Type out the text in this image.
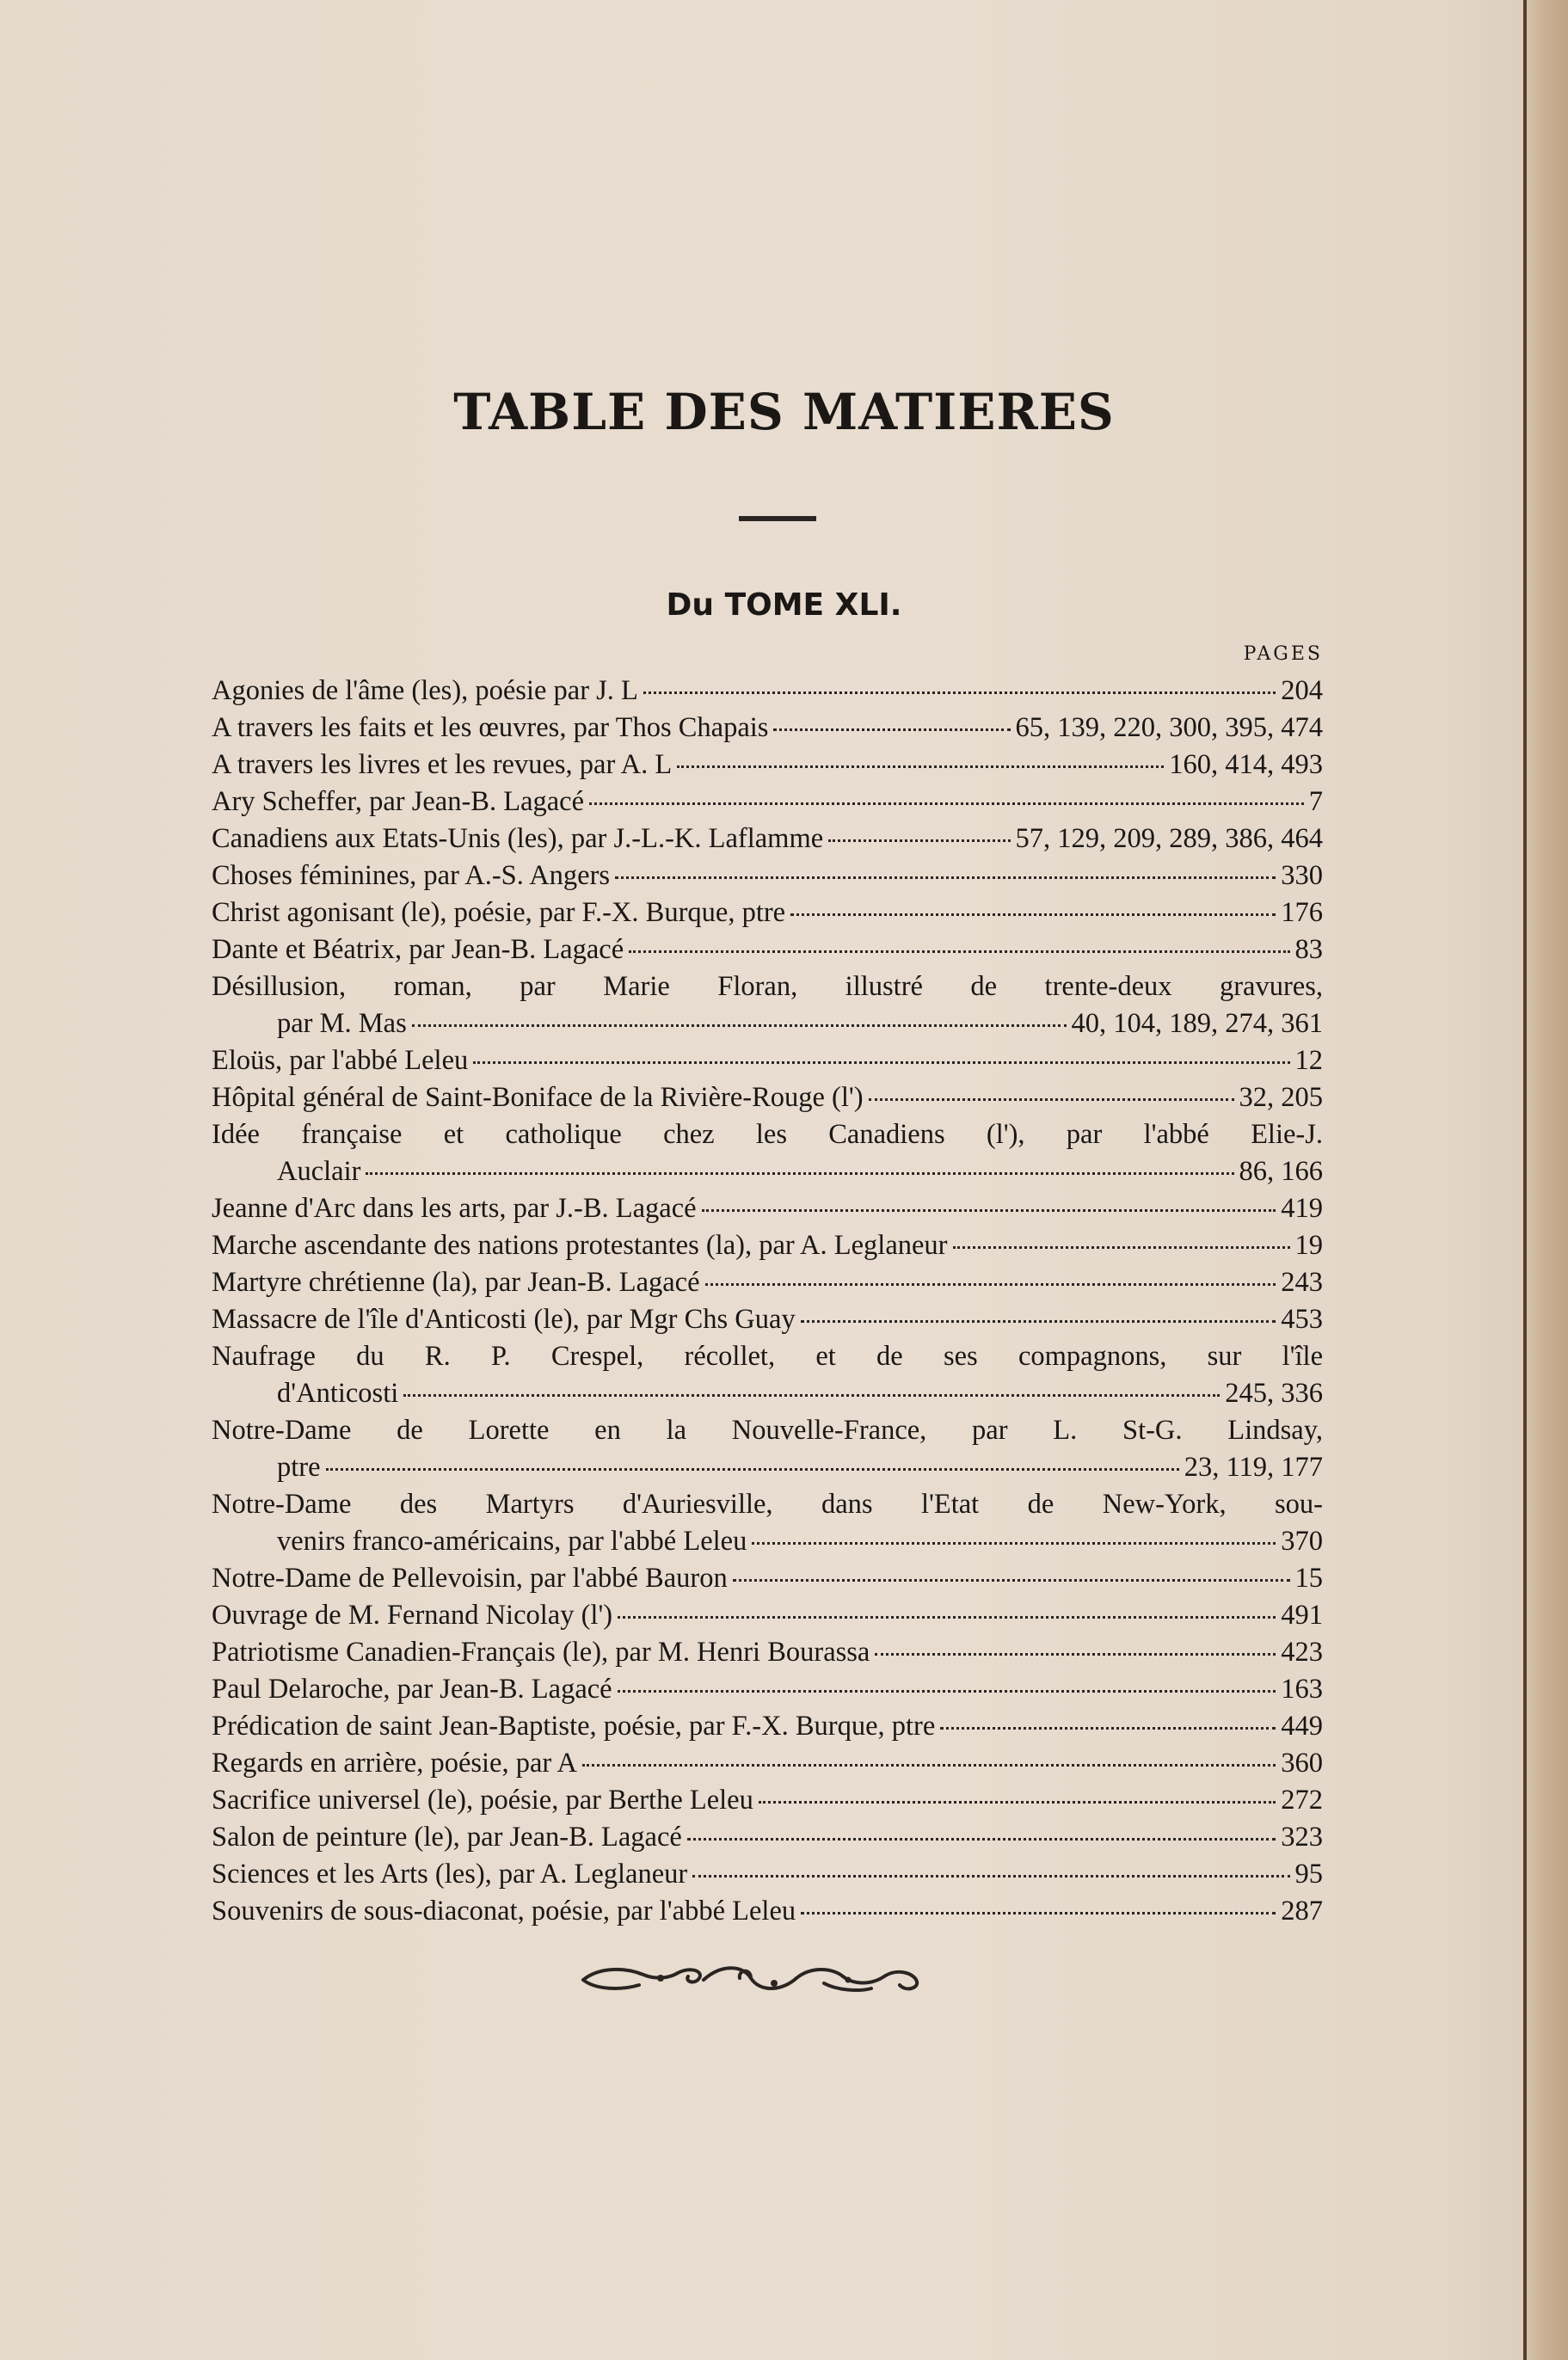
TABLE DES MATIERES
Du TOME XLI.
PAGES
Agonies de l'âme (les), poésie par J. L	204
A travers les faits et les œuvres, par Thos Chapais	65, 139, 220, 300, 395, 474
A travers les livres et les revues, par A. L	160, 414, 493
Ary Scheffer, par Jean-B. Lagacé	7
Canadiens aux Etats-Unis (les), par J.-L.-K. Laflamme	57, 129, 209, 289, 386, 464
Choses féminines, par A.-S. Angers	330
Christ agonisant (le), poésie, par F.-X. Burque, ptre	176
Dante et Béatrix, par Jean-B. Lagacé	83
Désillusion, roman, par Marie Floran, illustré de trente-deux gravures,
par M. Mas	40, 104, 189, 274, 361
Eloüs, par l'abbé Leleu	12
Hôpital général de Saint-Boniface de la Rivière-Rouge (l')	32, 205
Idée française et catholique chez les Canadiens (l'), par l'abbé Elie-J.
Auclair	86, 166
Jeanne d'Arc dans les arts, par J.-B. Lagacé	419
Marche ascendante des nations protestantes (la), par A. Leglaneur	19
Martyre chrétienne (la), par Jean-B. Lagacé	243
Massacre de l'île d'Anticosti (le), par Mgr Chs Guay	453
Naufrage du R. P. Crespel, récollet, et de ses compagnons, sur l'île
d'Anticosti	245, 336
Notre-Dame de Lorette en la Nouvelle-France, par L. St-G. Lindsay,
ptre	23, 119, 177
Notre-Dame des Martyrs d'Auriesville, dans l'Etat de New-York, sou-
venirs franco-américains, par l'abbé Leleu	370
Notre-Dame de Pellevoisin, par l'abbé Bauron	15
Ouvrage de M. Fernand Nicolay (l')	491
Patriotisme Canadien-Français (le), par M. Henri Bourassa	423
Paul Delaroche, par Jean-B. Lagacé	163
Prédication de saint Jean-Baptiste, poésie, par F.-X. Burque, ptre	449
Regards en arrière, poésie, par A	360
Sacrifice universel (le), poésie, par Berthe Leleu	272
Salon de peinture (le), par Jean-B. Lagacé	323
Sciences et les Arts (les), par A. Leglaneur	95
Souvenirs de sous-diaconat, poésie, par l'abbé Leleu	287
